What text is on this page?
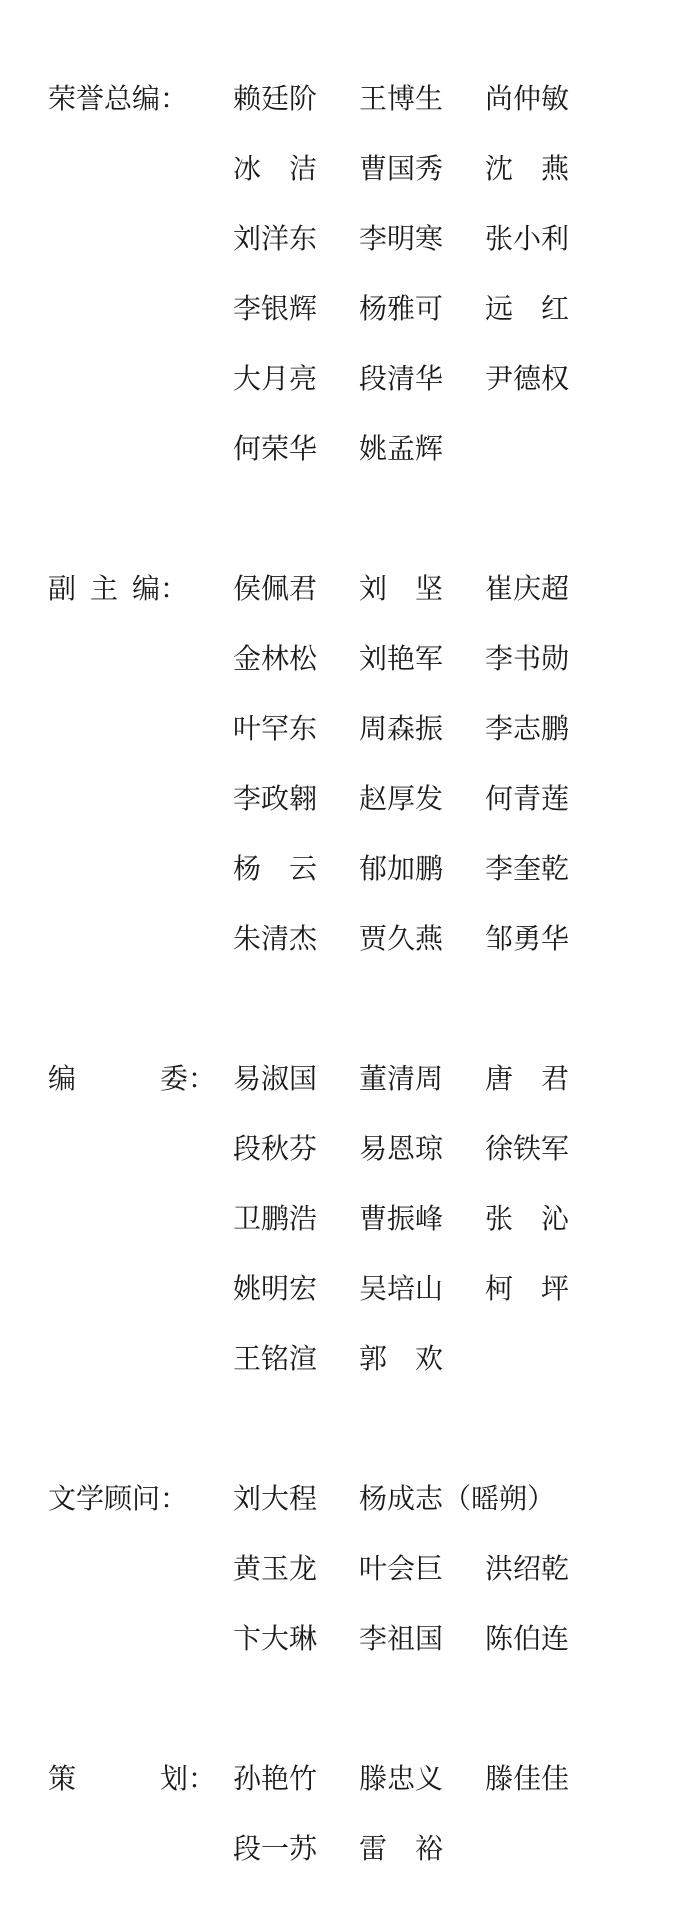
荣誉总编： 赖廷阶 王博生 尚仲敏
冰 洁 曹国秀 沈 燕
刘洋东 李明寒 张小利
李银辉 杨雅可 远 红
大月亮 段清华 尹德权
何荣华 姚孟辉
副 主 编： 侯佩君 刘 坚 崔庆超
金林松 刘艳军 李书勋
叶罕东 周森振 李志鹏
李政翱 赵厚发 何青莲
杨 云 郁加鹏 李奎乾
朱清杰 贾久燕 邹勇华
编   委： 易淑国 董清周 唐 君
段秋芬 易恩琼 徐铁军
卫鹏浩 曹振峰 张 沁
姚明宏 吴培山 柯 坪
王铭渲 郭 欢
文学顾问： 刘大程 杨成志（暚朔）
黄玉龙 叶会巨 洪绍乾
卞大琳 李祖国 陈伯连
策   划： 孙艳竹 滕忠义 滕佳佳
段一苏 雷 裕
